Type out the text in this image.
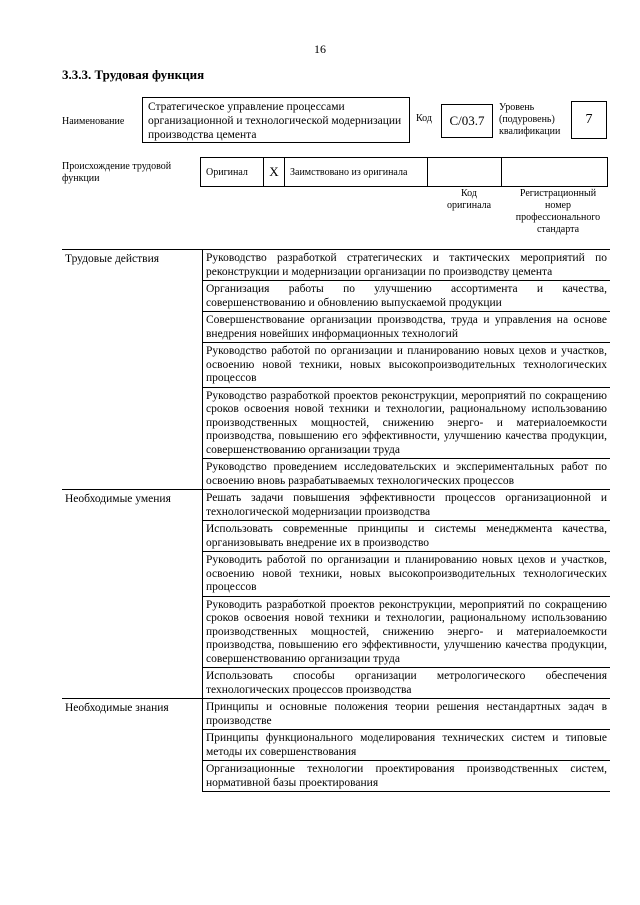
16
3.3.3. Трудовая функция
Наименование
Стратегическое управление процессами организационной и технологической модернизации производства цемента
Код	C/03.7
Уровень
(подуровень)
квалификации
7
Происхождение трудовой функции
Оригинал	X	Заимствовано из оригинала		
Код
оригинала
Регистрационный
номер
профессионального
стандарта
Трудовые действия	Руководство разработкой стратегических и тактических мероприятий по реконструкции и модернизации организации по производству цемента
	Организация работы по улучшению ассортимента и качества, совершенствованию и обновлению выпускаемой продукции
	Совершенствование организации производства, труда и управления на основе внедрения новейших информационных технологий
	Руководство работой по организации и планированию новых цехов и участков, освоению новой техники, новых высокопроизводительных технологических процессов
	Руководство разработкой проектов реконструкции, мероприятий по сокращению сроков освоения новой техники и технологии, рациональному использованию производственных мощностей, снижению энерго- и материалоемкости производства, повышению его эффективности, улучшению качества продукции, совершенствованию организации труда
	Руководство проведением исследовательских и экспериментальных работ по освоению вновь разрабатываемых технологических процессов
Необходимые умения	Решать задачи повышения эффективности процессов организационной и технологической модернизации производства
	Использовать современные принципы и системы менеджмента качества, организовывать внедрение их в производство
	Руководить работой по организации и планированию новых цехов и участков, освоению новой техники, новых высокопроизводительных технологических процессов
	Руководить разработкой проектов реконструкции, мероприятий по сокращению сроков освоения новой техники и технологии, рациональному использованию производственных мощностей, снижению энерго- и материалоемкости производства, повышению его эффективности, улучшению качества продукции, совершенствованию организации труда
	Использовать способы организации метрологического обеспечения технологических процессов производства
Необходимые знания	Принципы и основные положения теории решения нестандартных задач в производстве
	Принципы функционального моделирования технических систем и типовые методы их совершенствования
	Организационные технологии проектирования производственных систем, нормативной базы проектирования
